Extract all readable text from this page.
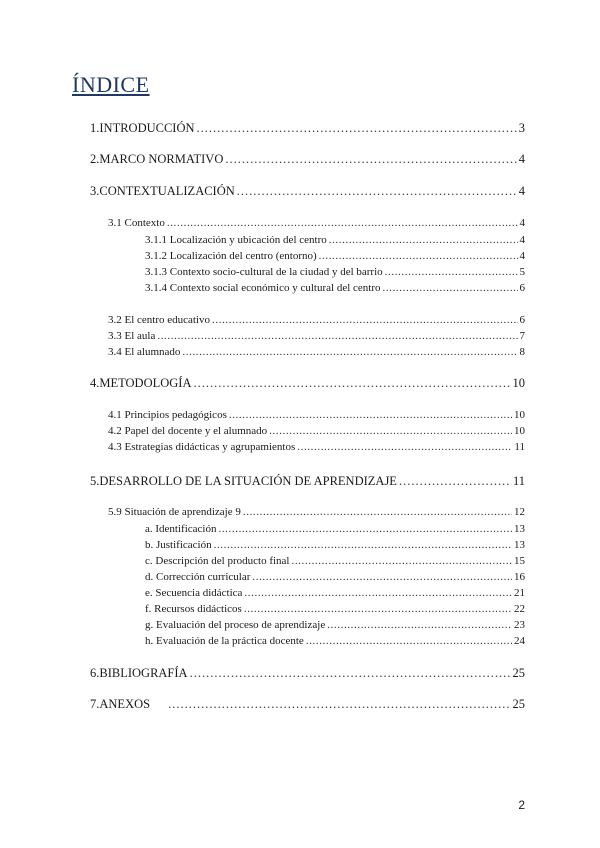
ÍNDICE
1. INTRODUCCIÓN .....	3
2. MARCO NORMATIVO .....	4
3. CONTEXTUALIZACIÓN .....	4
3.1 Contexto .....	4
3.1.1 Localización y ubicación del centro .....	4
3.1.2 Localización del centro (entorno) .....	4
3.1.3 Contexto socio-cultural de la ciudad y del barrio .....	5
3.1.4 Contexto social económico y cultural del centro .....	6
3.2 El centro educativo .....	6
3.3 El aula .....	7
3.4 El alumnado .....	8
4. METODOLOGÍA .....	10
4.1 Principios pedagógicos .....	10
4.2 Papel del docente y el alumnado .....	10
4.3 Estrategias didácticas y agrupamientos .....	11
5. DESARROLLO DE LA SITUACIÓN DE APRENDIZAJE .....	11
5.9 Situación de aprendizaje 9 .....	12
a. Identificación .....	13
b. Justificación .....	13
c. Descripción del producto final .....	15
d. Corrección curricular .....	16
e. Secuencia didáctica .....	21
f. Recursos didácticos .....	22
g. Evaluación del proceso de aprendizaje .....	23
h. Evaluación de la práctica docente .....	24
6. BIBLIOGRAFÍA .....	25
7. ANEXOS .....	25
2
